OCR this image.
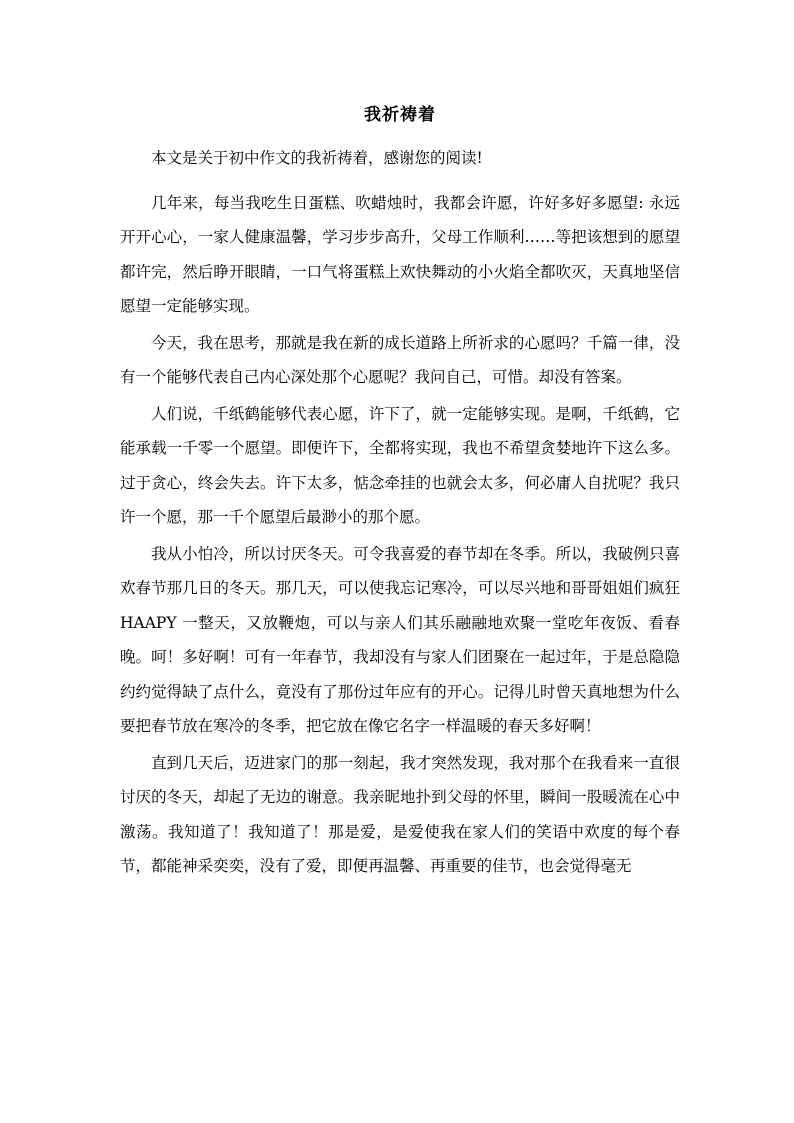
我祈祷着

本文是关于初中作文的我祈祷着，感谢您的阅读!

几年来，每当我吃生日蛋糕、吹蜡烛时，我都会许愿，许好多好多愿望: 永远开开心心，一家人健康温馨，学习步步高升，父母工作顺利……等把该想到的愿望都许完，然后睁开眼睛，一口气将蛋糕上欢快舞动的小火焰全都吹灭，天真地坚信愿望一定能够实现。

今天，我在思考，那就是我在新的成长道路上所祈求的心愿吗？千篇一律，没有一个能够代表自己内心深处那个心愿呢？我问自己，可惜。却没有答案。

人们说，千纸鹤能够代表心愿，许下了，就一定能够实现。是啊，千纸鹤，它能承载一千零一个愿望。即便许下，全都将实现，我也不希望贪婪地许下这么多。过于贪心，终会失去。许下太多，惦念牵挂的也就会太多，何必庸人自扰呢？我只许一个愿，那一千个愿望后最渺小的那个愿。

我从小怕冷，所以讨厌冬天。可令我喜爱的春节却在冬季。所以，我破例只喜欢春节那几日的冬天。那几天，可以使我忘记寒冷，可以尽兴地和哥哥姐姐们疯狂 HAAPY 一整天，又放鞭炮，可以与亲人们其乐融融地欢聚一堂吃年夜饭、看春晚。呵！多好啊！可有一年春节，我却没有与家人们团聚在一起过年，于是总隐隐约约觉得缺了点什么，竟没有了那份过年应有的开心。记得儿时曾天真地想为什么要把春节放在寒冷的冬季，把它放在像它名字一样温暖的春天多好啊！

直到几天后，迈进家门的那一刻起，我才突然发现，我对那个在我看来一直很讨厌的冬天，却起了无边的谢意。我亲昵地扑到父母的怀里，瞬间一股暖流在心中激荡。我知道了！我知道了！那是爱，是爱使我在家人们的笑语中欢度的每个春节，都能神采奕奕，没有了爱，即便再温馨、再重要的佳节，也会觉得毫无
